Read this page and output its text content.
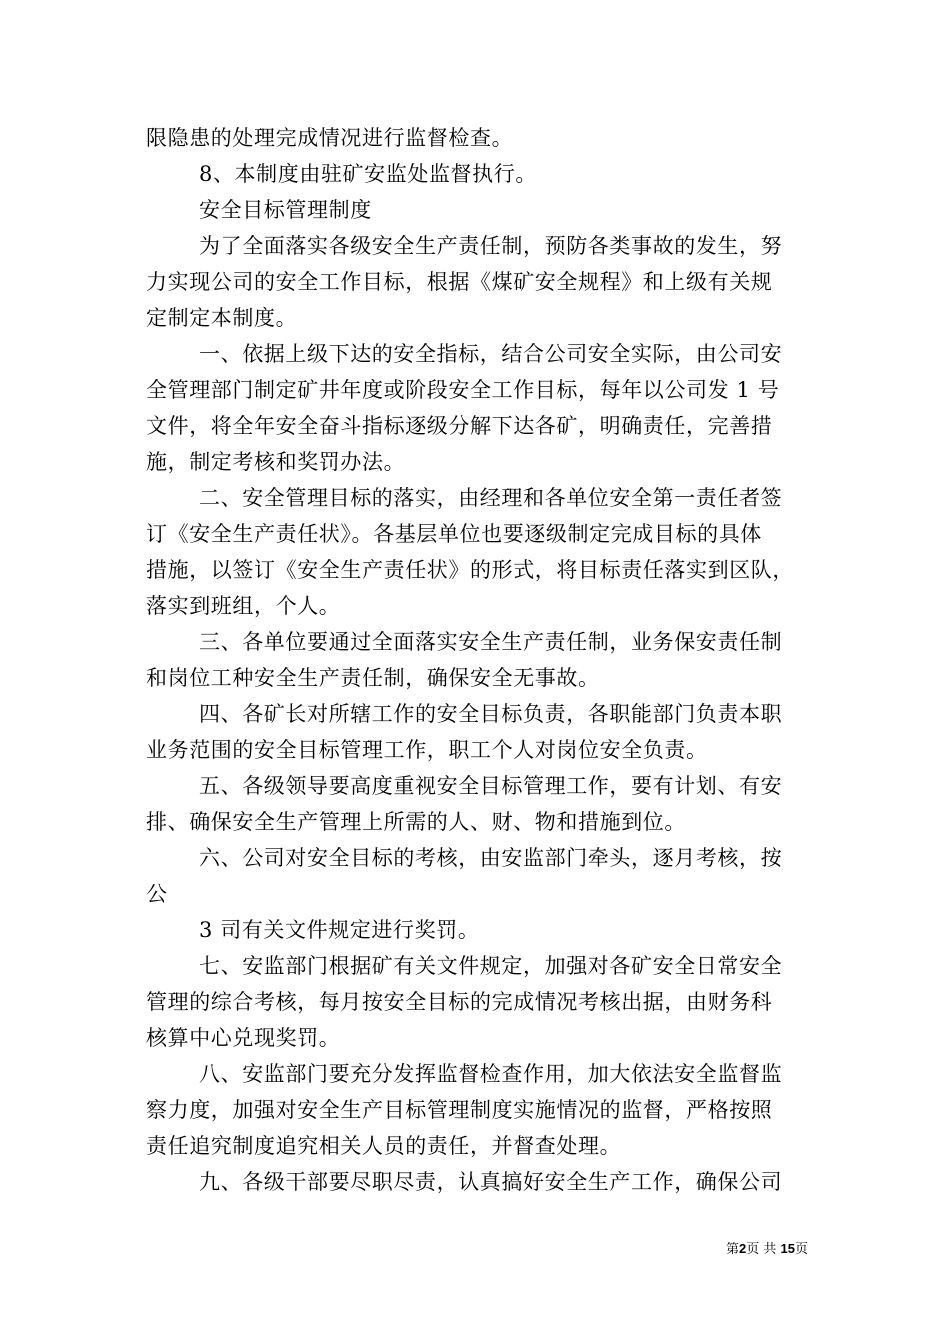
限隐患的处理完成情况进行监督检查。
8、本制度由驻矿安监处监督执行。
安全目标管理制度
为了全面落实各级安全生产责任制，预防各类事故的发生，努
力实现公司的安全工作目标，根据《煤矿安全规程》和上级有关规
定制定本制度。
一、依据上级下达的安全指标，结合公司安全实际，由公司安
全管理部门制定矿井年度或阶段安全工作目标，每年以公司发 1 号
文件，将全年安全奋斗指标逐级分解下达各矿，明确责任，完善措
施，制定考核和奖罚办法。
二、安全管理目标的落实，由经理和各单位安全第一责任者签
订《安全生产责任状》。各基层单位也要逐级制定完成目标的具体
措施，以签订《安全生产责任状》的形式，将目标责任落实到区队，
落实到班组，个人。
三、各单位要通过全面落实安全生产责任制，业务保安责任制
和岗位工种安全生产责任制，确保安全无事故。
四、各矿长对所辖工作的安全目标负责，各职能部门负责本职
业务范围的安全目标管理工作，职工个人对岗位安全负责。
五、各级领导要高度重视安全目标管理工作，要有计划、有安
排、确保安全生产管理上所需的人、财、物和措施到位。
六、公司对安全目标的考核，由安监部门牵头，逐月考核，按
公
3 司有关文件规定进行奖罚。
七、安监部门根据矿有关文件规定，加强对各矿安全日常安全
管理的综合考核，每月按安全目标的完成情况考核出据，由财务科
核算中心兑现奖罚。
八、安监部门要充分发挥监督检查作用，加大依法安全监督监
察力度，加强对安全生产目标管理制度实施情况的监督，严格按照
责任追究制度追究相关人员的责任，并督查处理。
九、各级干部要尽职尽责，认真搞好安全生产工作，确保公司
第2页 共 15页
